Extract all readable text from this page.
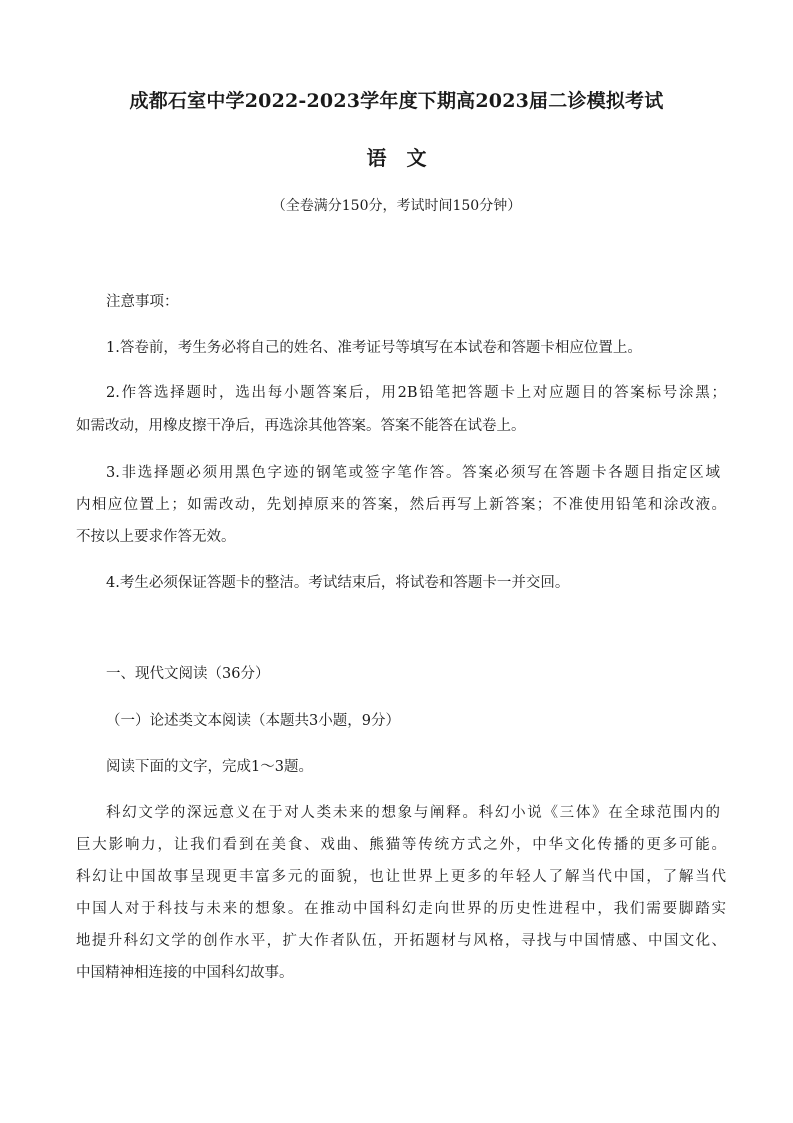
成都石室中学2022-2023学年度下期高2023届二诊模拟考试
语文
（全卷满分150分，考试时间150分钟）
注意事项：
1.答卷前，考生务必将自己的姓名、准考证号等填写在本试卷和答题卡相应位置上。
2.作答选择题时，选出每小题答案后，用2B铅笔把答题卡上对应题目的答案标号涂黑；
如需改动，用橡皮擦干净后，再选涂其他答案。答案不能答在试卷上。
3.非选择题必须用黑色字迹的钢笔或签字笔作答。答案必须写在答题卡各题目指定区域
内相应位置上；如需改动，先划掉原来的答案，然后再写上新答案；不准使用铅笔和涂改液。
不按以上要求作答无效。
4.考生必须保证答题卡的整洁。考试结束后，将试卷和答题卡一并交回。
一、现代文阅读（36分）
（一）论述类文本阅读（本题共3小题，9分）
阅读下面的文字，完成1～3题。
科幻文学的深远意义在于对人类未来的想象与阐释。科幻小说《三体》在全球范围内的
巨大影响力，让我们看到在美食、戏曲、熊猫等传统方式之外，中华文化传播的更多可能。
科幻让中国故事呈现更丰富多元的面貌，也让世界上更多的年轻人了解当代中国，了解当代
中国人对于科技与未来的想象。在推动中国科幻走向世界的历史性进程中，我们需要脚踏实
地提升科幻文学的创作水平，扩大作者队伍，开拓题材与风格，寻找与中国情感、中国文化、
中国精神相连接的中国科幻故事。
